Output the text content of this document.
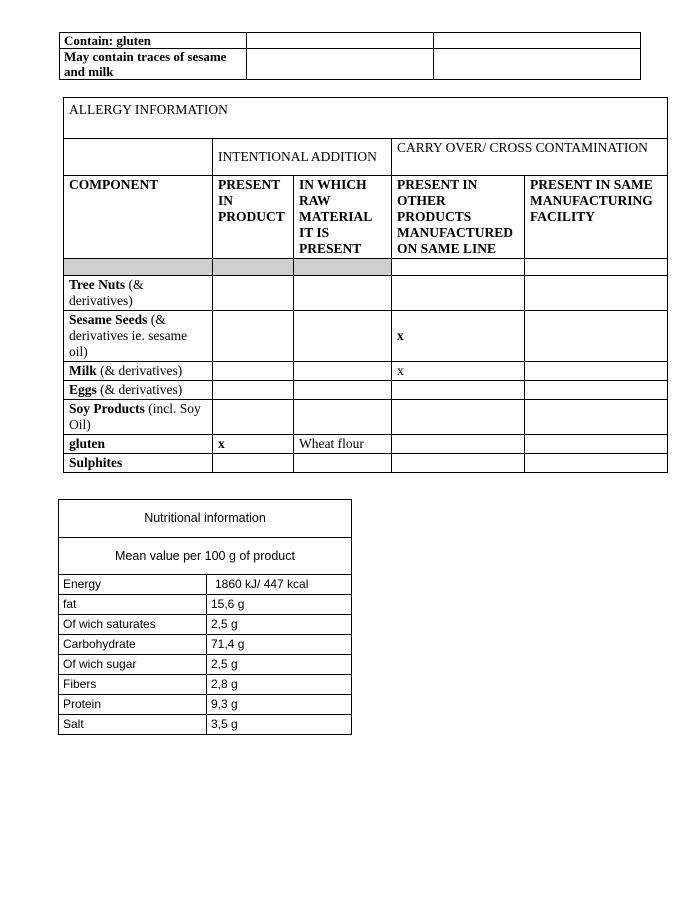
Contain: gluten		
May contain traces of sesame and milk		
ALLERGY INFORMATION				
	INTENTIONAL ADDITION		CARRY OVER/ CROSS CONTAMINATION	
COMPONENT	PRESENT IN PRODUCT	IN WHICH RAW MATERIAL IT IS PRESENT	PRESENT IN OTHER PRODUCTS MANUFACTURED ON SAME LINE	PRESENT IN SAME MANUFACTURING FACILITY

Tree Nuts (& derivatives)				
Sesame Seeds (& derivatives ie. sesame oil)			x	
Milk (& derivatives)			x	
Eggs (& derivatives)				
Soy Products (incl. Soy Oil)				
gluten	x	Wheat flour		
Sulphites				
Nutritional information	
Mean value per 100 g of product	
Energy	1860 kJ/ 447 kcal
fat	15,6 g
Of wich saturates	2,5 g
Carbohydrate	71,4 g
Of wich sugar	2,5 g
Fibers	2,8 g
Protein	9,3 g
Salt	3,5 g
